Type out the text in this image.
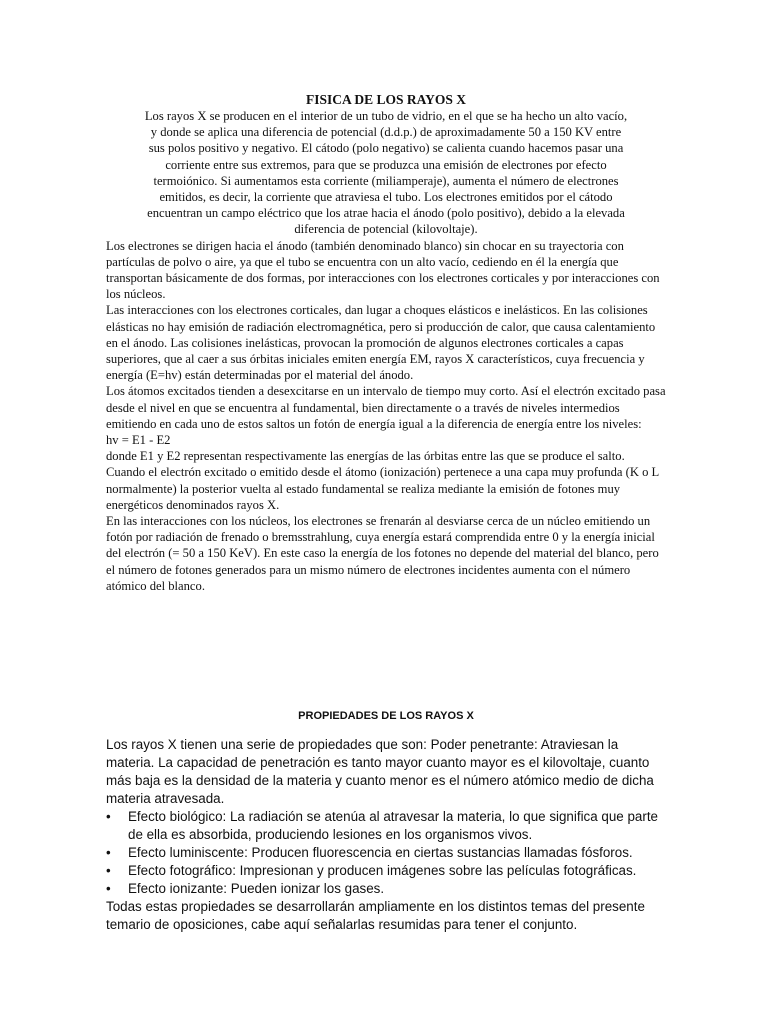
FISICA DE LOS RAYOS X
Los rayos X se producen en el interior de un tubo de vidrio, en el que se ha hecho un alto vacío,
y donde se aplica una diferencia de potencial (d.d.p.) de aproximadamente 50 a 150 KV entre
sus polos positivo y negativo. El cátodo (polo negativo) se calienta cuando hacemos pasar una
corriente entre sus extremos, para que se produzca una emisión de electrones por efecto
termoiónico. Si aumentamos esta corriente (miliamperaje), aumenta el número de electrones
emitidos, es decir, la corriente que atraviesa el tubo. Los electrones emitidos por el cátodo
encuentran un campo eléctrico que los atrae hacia el ánodo (polo positivo), debido a la elevada
diferencia de potencial (kilovoltaje).

Los electrones se dirigen hacia el ánodo (también denominado blanco) sin chocar en su trayectoria con partículas de polvo o aire, ya que el tubo se encuentra con un alto vacío, cediendo en él la energía que transportan básicamente de dos formas, por interacciones con los electrones corticales y por interacciones con los núcleos.

Las interacciones con los electrones corticales, dan lugar a choques elásticos e inelásticos. En las colisiones elásticas no hay emisión de radiación electromagnética, pero si producción de calor, que causa calentamiento en el ánodo. Las colisiones inelásticas, provocan la promoción de algunos electrones corticales a capas superiores, que al caer a sus órbitas iniciales emiten energía EM, rayos X característicos, cuya frecuencia y energía (E=hv) están determinadas por el material del ánodo.

Los átomos excitados tienden a desexcitarse en un intervalo de tiempo muy corto. Así el electrón excitado pasa desde el nivel en que se encuentra al fundamental, bien directamente o a través de niveles intermedios emitiendo en cada uno de estos saltos un fotón de energía igual a la diferencia de energía entre los niveles:

hv = E1 - E2

donde E1 y E2 representan respectivamente las energías de las órbitas entre las que se produce el salto.

Cuando el electrón excitado o emitido desde el átomo (ionización) pertenece a una capa muy profunda (K o L normalmente) la posterior vuelta al estado fundamental se realiza mediante la emisión de fotones muy energéticos denominados rayos X.

En las interacciones con los núcleos, los electrones se frenarán al desviarse cerca de un núcleo emitiendo un fotón por radiación de frenado o bremsstrahlung, cuya energía estará comprendida entre 0 y la energía inicial del electrón (= 50 a 150 KeV). En este caso la energía de los fotones no depende del material del blanco, pero el número de fotones generados para un mismo número de electrones incidentes aumenta con el número atómico del blanco.

PROPIEDADES DE LOS RAYOS X

Los rayos X tienen una serie de propiedades que son: Poder penetrante: Atraviesan la materia. La capacidad de penetración es tanto mayor cuanto mayor es el kilovoltaje, cuanto más baja es la densidad de la materia y cuanto menor es el número atómico medio de dicha materia atravesada.

• Efecto biológico: La radiación se atenúa al atravesar la materia, lo que significa que parte de ella es absorbida, produciendo lesiones en los organismos vivos.
• Efecto luminiscente: Producen fluorescencia en ciertas sustancias llamadas fósforos.
• Efecto fotográfico: Impresionan y producen imágenes sobre las películas fotográficas.
• Efecto ionizante: Pueden ionizar los gases.

Todas estas propiedades se desarrollarán ampliamente en los distintos temas del presente temario de oposiciones, cabe aquí señalarlas resumidas para tener el conjunto.
